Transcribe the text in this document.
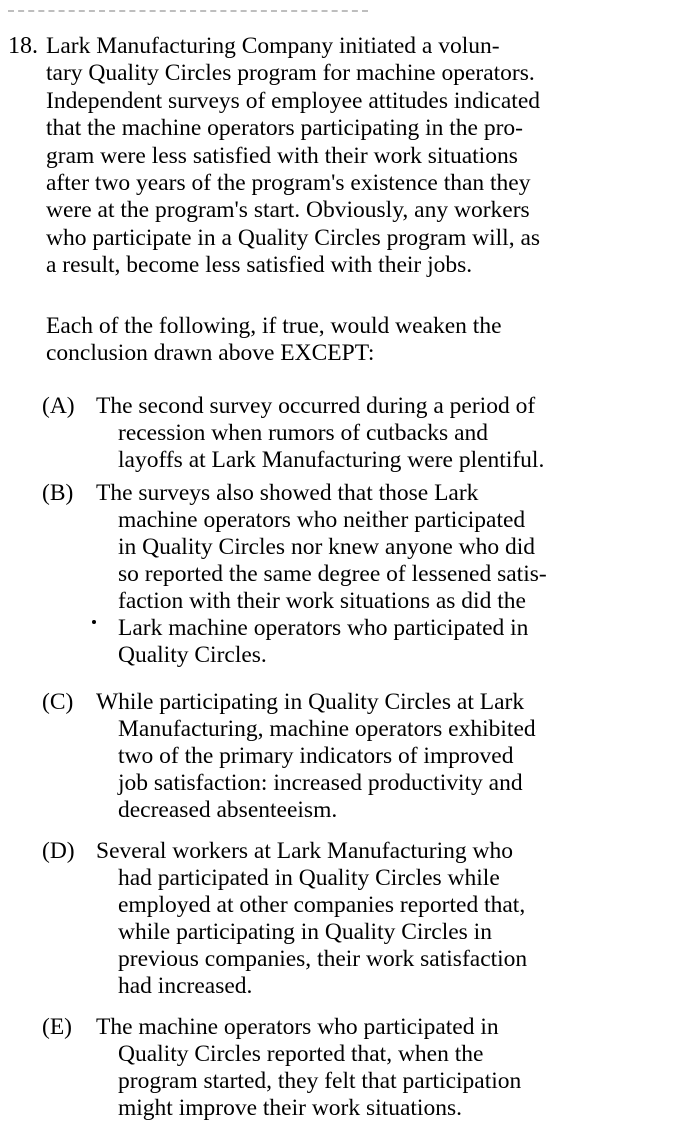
18. Lark Manufacturing Company initiated a volun-
tary Quality Circles program for machine operators.
Independent surveys of employee attitudes indicated
that the machine operators participating in the pro-
gram were less satisfied with their work situations
after two years of the program's existence than they
were at the program's start. Obviously, any workers
who participate in a Quality Circles program will, as
a result, become less satisfied with their jobs.
Each of the following, if true, would weaken the
conclusion drawn above EXCEPT:
(A) The second survey occurred during a period of
recession when rumors of cutbacks and
layoffs at Lark Manufacturing were plentiful.
(B) The surveys also showed that those Lark
machine operators who neither participated
in Quality Circles nor knew anyone who did
so reported the same degree of lessened satis-
faction with their work situations as did the
Lark machine operators who participated in
Quality Circles.
(C) While participating in Quality Circles at Lark
Manufacturing, machine operators exhibited
two of the primary indicators of improved
job satisfaction: increased productivity and
decreased absenteeism.
(D) Several workers at Lark Manufacturing who
had participated in Quality Circles while
employed at other companies reported that,
while participating in Quality Circles in
previous companies, their work satisfaction
had increased.
(E) The machine operators who participated in
Quality Circles reported that, when the
program started, they felt that participation
might improve their work situations.
